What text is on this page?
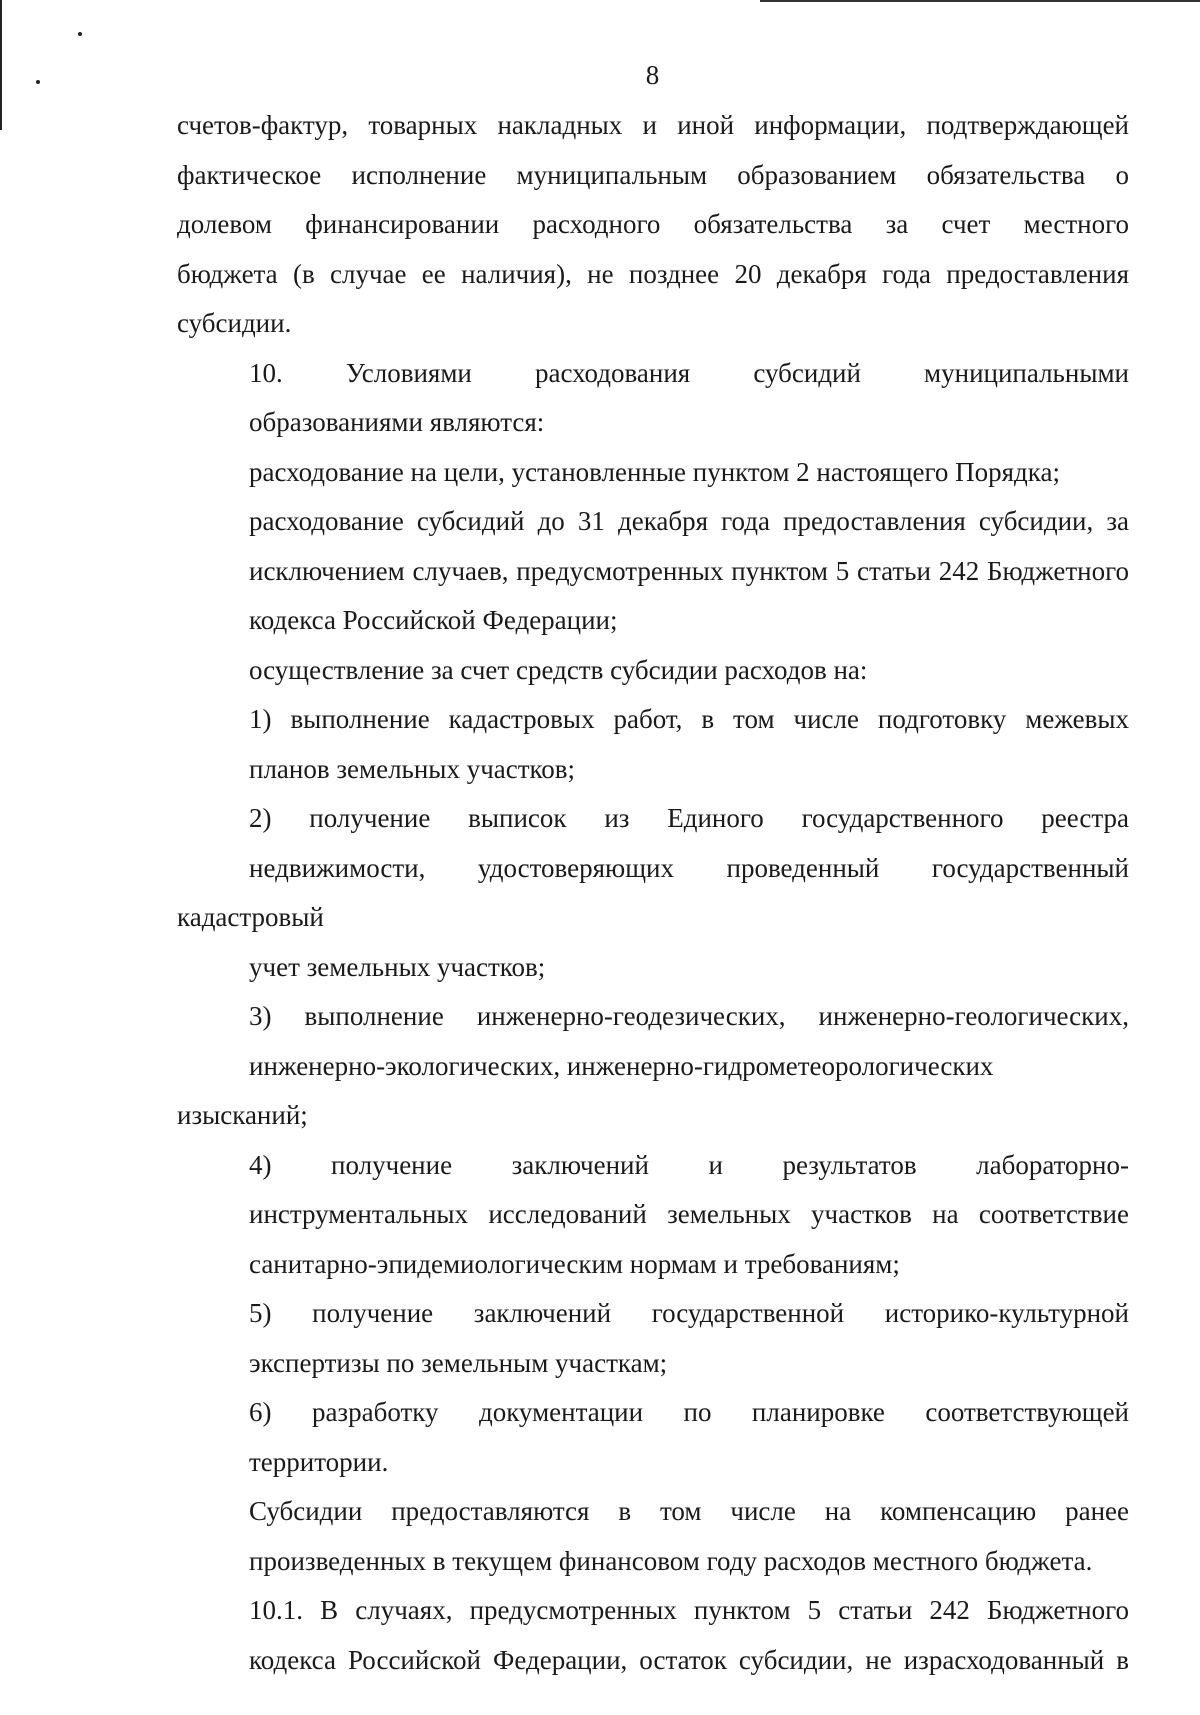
8

счетов-фактур, товарных накладных и иной информации, подтверждающей
фактическое исполнение муниципальным образованием обязательства о
долевом финансировании расходного обязательства за счет местного
бюджета (в случае ее наличия), не позднее 20 декабря года предоставления
субсидии.

10. Условиями расходования субсидий муниципальными
образованиями являются:

расходование на цели, установленные пунктом 2 настоящего Порядка;

расходование субсидий до 31 декабря года предоставления субсидии, за
исключением случаев, предусмотренных пунктом 5 статьи 242 Бюджетного
кодекса Российской Федерации;

осуществление за счет средств субсидии расходов на:

1) выполнение кадастровых работ, в том числе подготовку межевых
планов земельных участков;

2) получение выписок из Единого государственного реестра
недвижимости, удостоверяющих проведенный государственный кадастровый
учет земельных участков;

3) выполнение инженерно-геодезических, инженерно-геологических,
инженерно-экологических, инженерно-гидрометеорологических изысканий;

4) получение заключений и результатов лабораторно-
инструментальных исследований земельных участков на соответствие
санитарно-эпидемиологическим нормам и требованиям;

5) получение заключений государственной историко-культурной
экспертизы по земельным участкам;

6) разработку документации по планировке соответствующей
территории.

Субсидии предоставляются в том числе на компенсацию ранее
произведенных в текущем финансовом году расходов местного бюджета.

10.1. В случаях, предусмотренных пунктом 5 статьи 242 Бюджетного
кодекса Российской Федерации, остаток субсидии, не израсходованный в
